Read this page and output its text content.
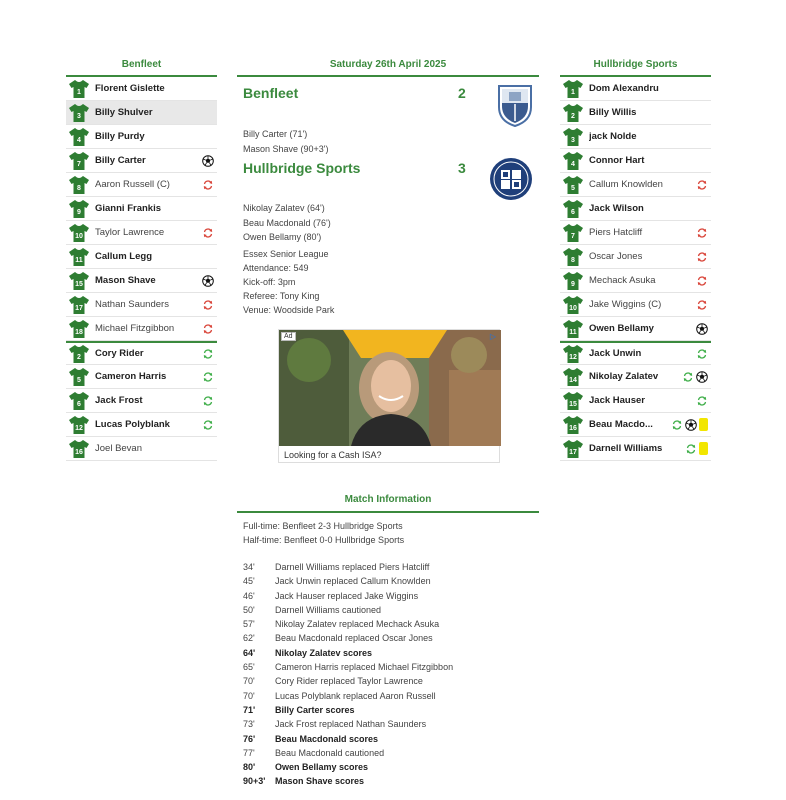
Benfleet
1 Florent Gislette
3 Billy Shulver
4 Billy Purdy
7 Billy Carter
8 Aaron Russell (C)
9 Gianni Frankis
10 Taylor Lawrence
11 Callum Legg
15 Mason Shave
17 Nathan Saunders
18 Michael Fitzgibbon
2 Cory Rider
5 Cameron Harris
6 Jack Frost
12 Lucas Polyblank
16 Joel Bevan
Saturday 26th April 2025
Benfleet	2
Billy Carter (71')
Mason Shave (90+3')
Hullbridge Sports	3
Nikolay Zalatev (64')
Beau Macdonald (76')
Owen Bellamy (80')
Essex Senior League
Attendance: 549
Kick-off: 3pm
Referee: Tony King
Venue: Woodside Park
Ad	▷
Looking for a Cash ISA?
Hullbridge Sports
1 Dom Alexandru
2 Billy Willis
3 jack Nolde
4 Connor Hart
5 Callum Knowlden
6 Jack Wilson
7 Piers Hatcliff
8 Oscar Jones
9 Mechack Asuka
10 Jake Wiggins (C)
11 Owen Bellamy
12 Jack Unwin
14 Nikolay Zalatev
15 Jack Hauser
16 Beau Macdo...
17 Darnell Williams
Match Information
Full-time: Benfleet 2-3 Hullbridge Sports
Half-time: Benfleet 0-0 Hullbridge Sports
34'	Darnell Williams replaced Piers Hatcliff
45'	Jack Unwin replaced Callum Knowlden
46'	Jack Hauser replaced Jake Wiggins
50'	Darnell Williams cautioned
57'	Nikolay Zalatev replaced Mechack Asuka
62'	Beau Macdonald replaced Oscar Jones
64'	Nikolay Zalatev scores
65'	Cameron Harris replaced Michael Fitzgibbon
70'	Cory Rider replaced Taylor Lawrence
70'	Lucas Polyblank replaced Aaron Russell
71'	Billy Carter scores
73'	Jack Frost replaced Nathan Saunders
76'	Beau Macdonald scores
77'	Beau Macdonald cautioned
80'	Owen Bellamy scores
90+3'	Mason Shave scores
